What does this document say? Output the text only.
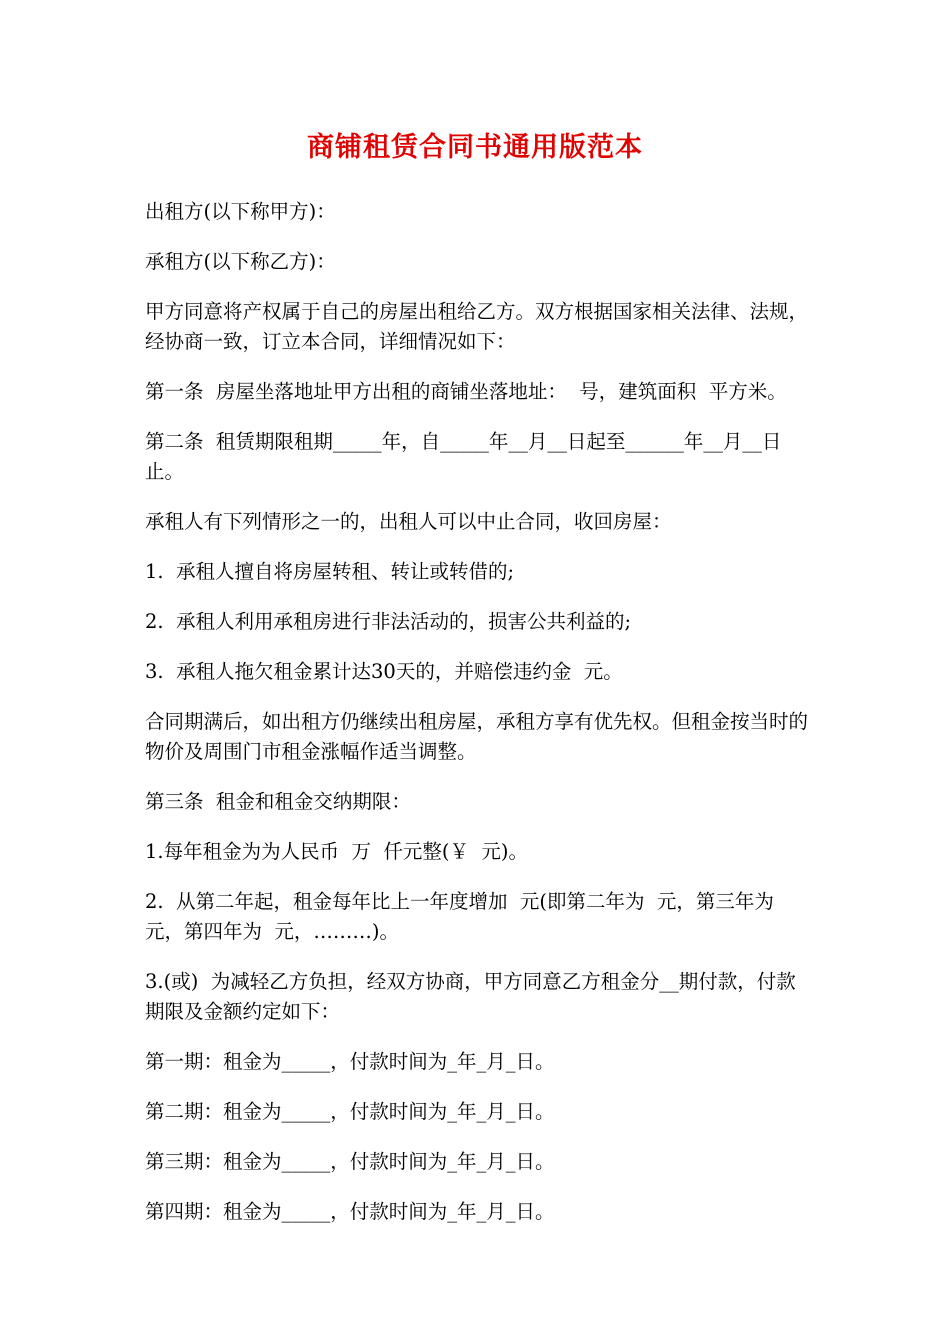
商铺租赁合同书通用版范本

出租方(以下称甲方)：

承租方(以下称乙方)：

甲方同意将产权属于自己的房屋出租给乙方。双方根据国家相关法律、法规，经协商一致，订立本合同，详细情况如下：

第一条  房屋坐落地址甲方出租的商铺坐落地址：  号，建筑面积  平方米。

第二条  租赁期限租期_____年，自_____年__月__日起至______年__月__日止。

承租人有下列情形之一的，出租人可以中止合同，收回房屋：

1.  承租人擅自将房屋转租、转让或转借的;

2.  承租人利用承租房进行非法活动的，损害公共利益的;

3.  承租人拖欠租金累计达30天的，并赔偿违约金  元。

合同期满后，如出租方仍继续出租房屋，承租方享有优先权。但租金按当时的物价及周围门市租金涨幅作适当调整。

第三条  租金和租金交纳期限：

1.每年租金为为人民币  万  仟元整(￥  元)。

2.  从第二年起，租金每年比上一年度增加  元(即第二年为  元，第三年为  元，第四年为  元，………)。

3.(或)  为减轻乙方负担，经双方协商，甲方同意乙方租金分__期付款，付款期限及金额约定如下：

第一期：租金为_____，付款时间为_年_月_日。

第二期：租金为_____，付款时间为_年_月_日。

第三期：租金为_____，付款时间为_年_月_日。

第四期：租金为_____，付款时间为_年_月_日。
